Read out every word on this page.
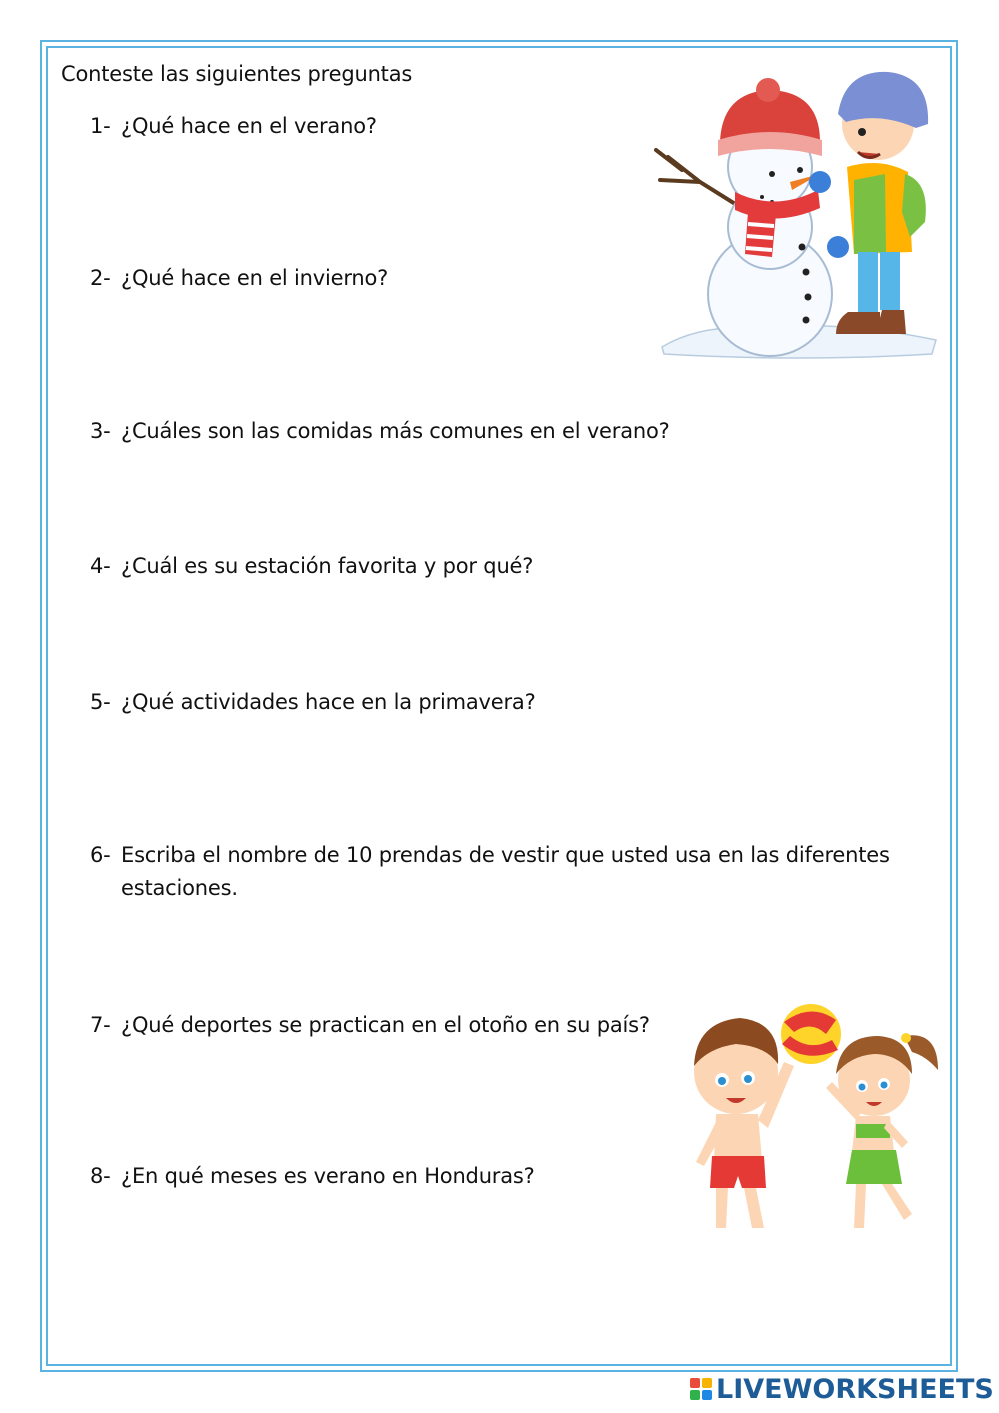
Conteste las siguientes preguntas
1- ¿Qué hace en el verano?
2- ¿Qué hace en el invierno?
3- ¿Cuáles son las comidas más comunes en el verano?
4- ¿Cuál es su estación favorita y por qué?
5- ¿Qué actividades hace en la primavera?
6- Escriba el nombre de 10 prendas de vestir que usted usa en las diferentes
estaciones.
7- ¿Qué deportes se practican en el otoño en su país?
8- ¿En qué meses es verano en Honduras?
LIVEWORKSHEETS
